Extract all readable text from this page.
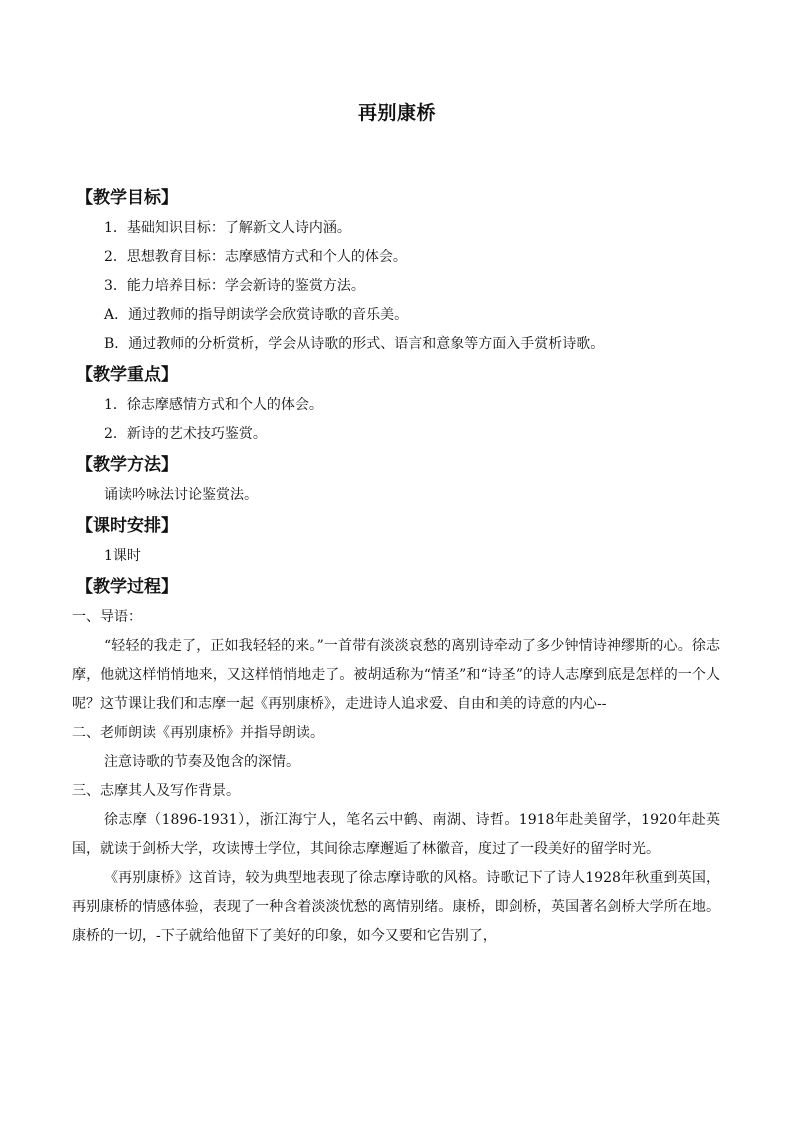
再别康桥
【教学目标】
1．基础知识目标：了解新文人诗内涵。
2．思想教育目标：志摩感情方式和个人的体会。
3．能力培养目标：学会新诗的鉴赏方法。
A．通过教师的指导朗读学会欣赏诗歌的音乐美。
B．通过教师的分析赏析，学会从诗歌的形式、语言和意象等方面入手赏析诗歌。
【教学重点】
1．徐志摩感情方式和个人的体会。
2．新诗的艺术技巧鉴赏。
【教学方法】
诵读吟咏法讨论鉴赏法。
【课时安排】
1课时
【教学过程】
一、导语：

“轻轻的我走了，正如我轻轻的来。”一首带有淡淡哀愁的离别诗牵动了多少钟情诗神缪斯的心。徐志摩，他就这样悄悄地来，又这样悄悄地走了。被胡适称为“情圣”和“诗圣”的诗人志摩到底是怎样的一个人呢？这节课让我们和志摩一起《再别康桥》，走进诗人追求爱、自由和美的诗意的内心--

二、老师朗读《再别康桥》并指导朗读。
注意诗歌的节奏及饱含的深情。
三、志摩其人及写作背景。

徐志摩（1896-1931），浙江海宁人，笔名云中鹤、南湖、诗哲。1918年赴美留学，1920年赴英国，就读于剑桥大学，攻读博士学位，其间徐志摩邂逅了林徽音，度过了一段美好的留学时光。

《再别康桥》这首诗，较为典型地表现了徐志摩诗歌的风格。诗歌记下了诗人1928年秋重到英国，再别康桥的情感体验，表现了一种含着淡淡忧愁的离情别绪。康桥，即剑桥，英国著名剑桥大学所在地。康桥的一切，-下子就给他留下了美好的印象，如今又要和它告别了，
